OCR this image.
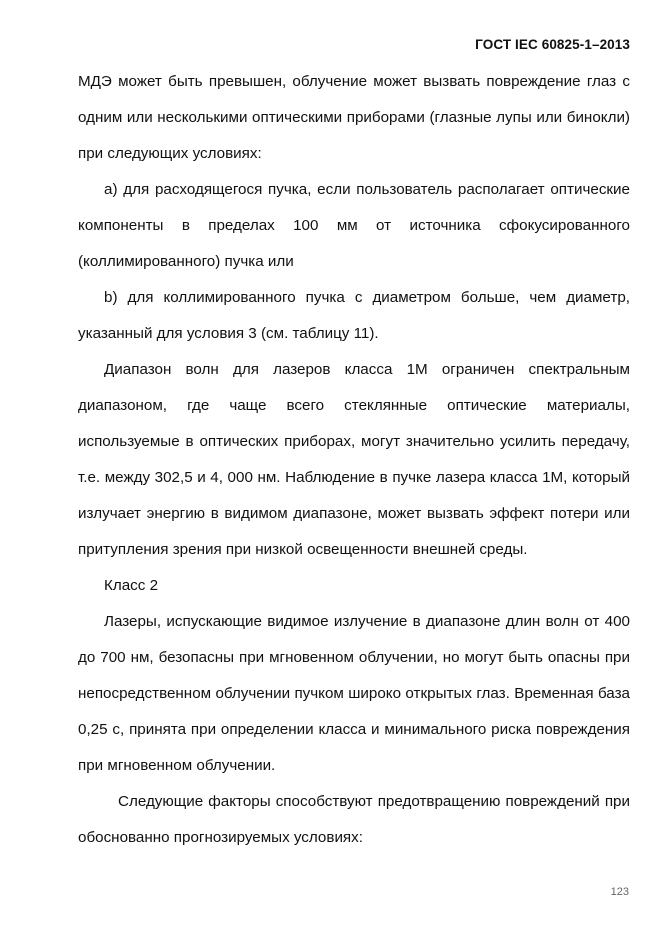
ГОСТ IEC 60825-1–2013

МДЭ может быть превышен, облучение может вызвать повреждение глаз с одним или несколькими оптическими приборами (глазные лупы или бинокли) при следующих условиях:

a) для расходящегося пучка, если пользователь располагает оптические компоненты в пределах 100 мм от источника сфокусированного (коллимированного) пучка или

b) для коллимированного пучка с диаметром больше, чем диаметр, указанный для условия 3 (см. таблицу 11).

Диапазон волн для лазеров класса 1М ограничен спектральным диапазоном, где чаще всего стеклянные оптические материалы, используемые в оптических приборах, могут значительно усилить передачу, т.е. между 302,5 и 4, 000 нм. Наблюдение в пучке лазера класса 1М, который излучает энергию в видимом диапазоне, может вызвать эффект потери или притупления зрения при низкой освещенности внешней среды.

Класс 2

Лазеры, испускающие видимое излучение в диапазоне длин волн от 400 до 700 нм, безопасны при мгновенном облучении, но могут быть опасны при непосредственном облучении пучком широко открытых глаз. Временная база 0,25 с, принята при определении класса и минимального риска повреждения при мгновенном облучении.

Следующие факторы способствуют предотвращению повреждений при обоснованно прогнозируемых условиях:

123
